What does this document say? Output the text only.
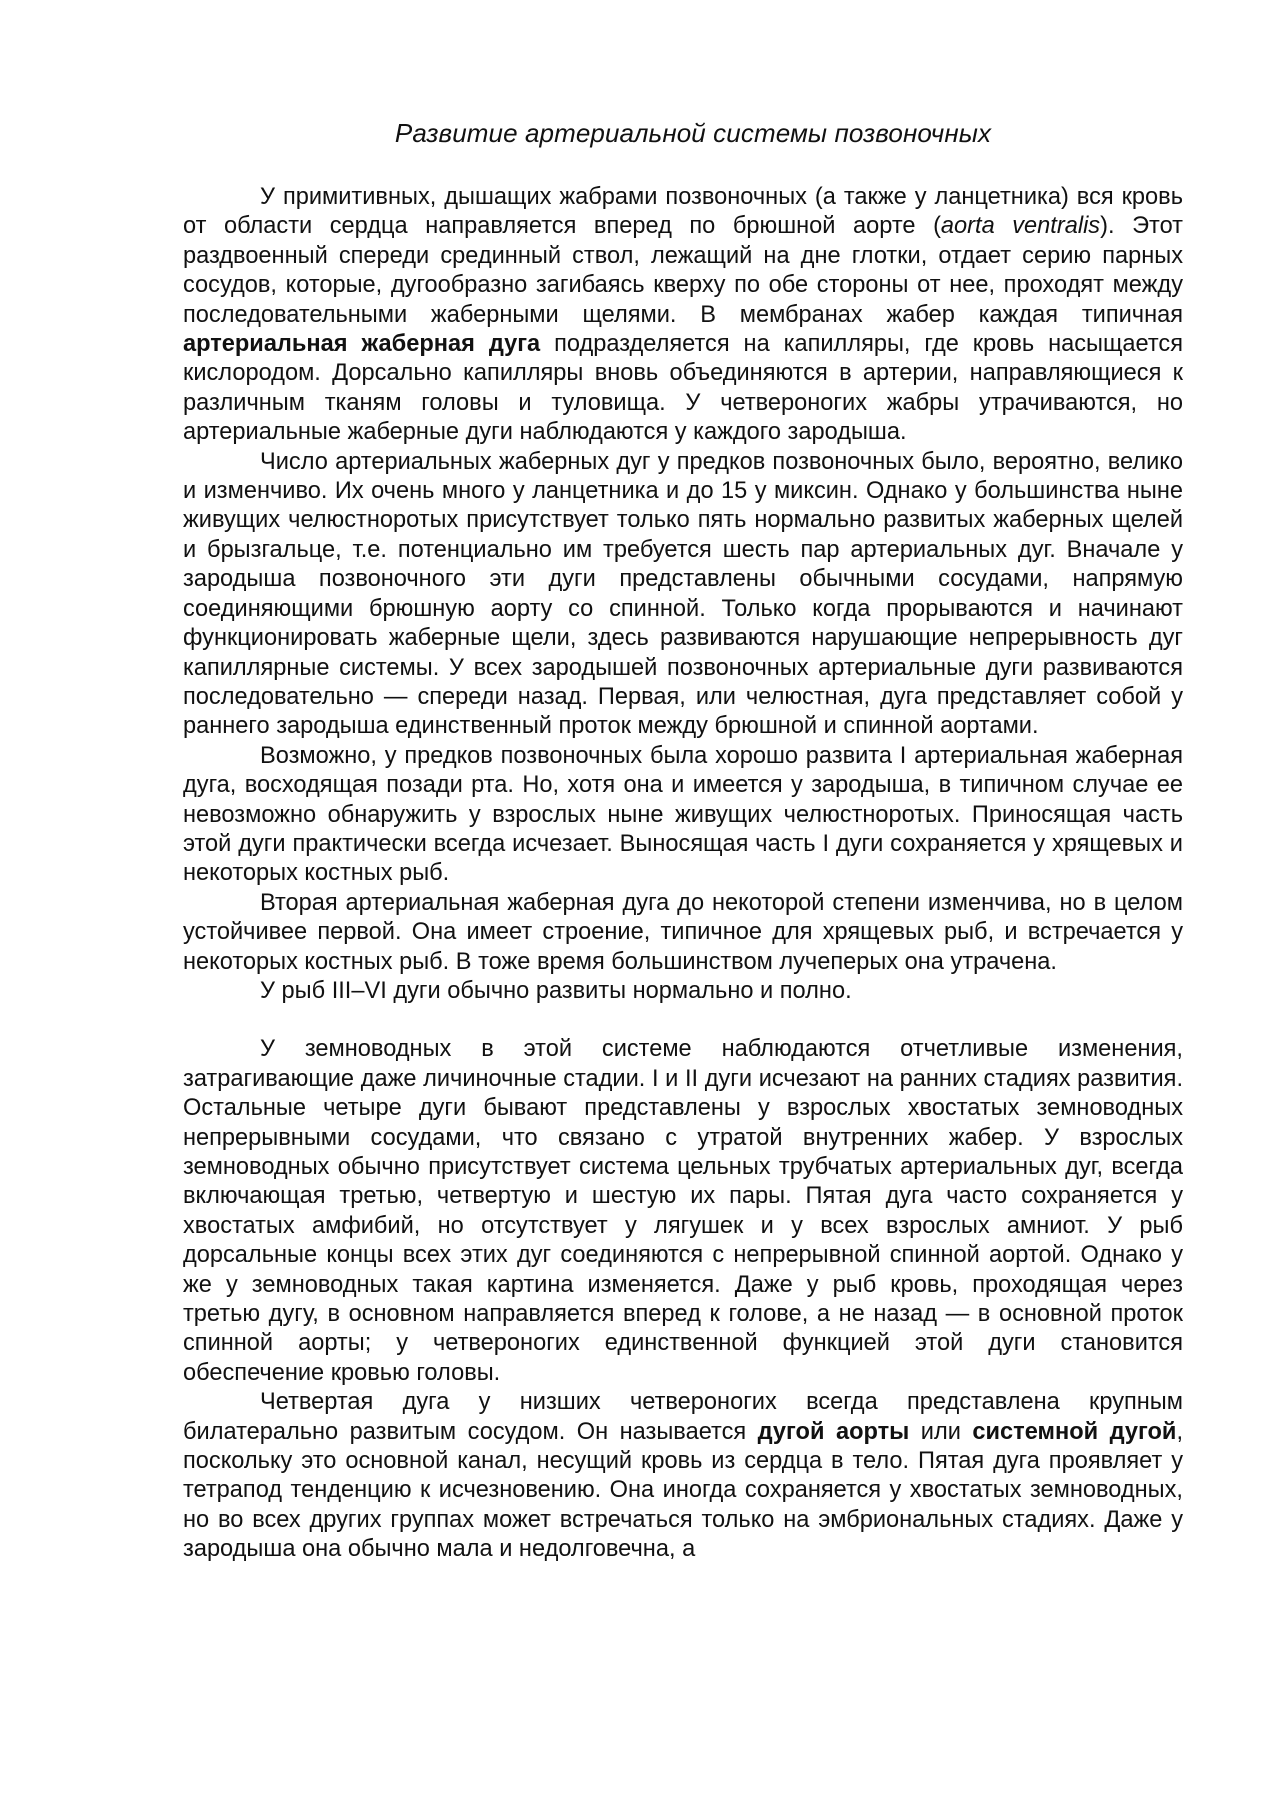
Развитие артериальной системы позвоночных

У примитивных, дышащих жабрами позвоночных (а также у ланцетника) вся кровь от области сердца направляется вперед по брюшной аорте (aorta ventralis). Этот раздвоенный спереди срединный ствол, лежащий на дне глотки, отдает серию парных сосудов, которые, дугообразно загибаясь кверху по обе стороны от нее, проходят между последовательными жаберными щелями. В мембранах жабер каждая типичная артериальная жаберная дуга подразделяется на капилляры, где кровь насыщается кислородом. Дорсально капилляры вновь объединяются в артерии, направляющиеся к различным тканям головы и туловища. У четвероногих жабры утрачиваются, но артериальные жаберные дуги наблюдаются у каждого зародыша.

Число артериальных жаберных дуг у предков позвоночных было, вероятно, велико и изменчиво. Их очень много у ланцетника и до 15 у миксин. Однако у большинства ныне живущих челюстноротых присутствует только пять нормально развитых жаберных щелей и брызгальце, т.е. потенциально им требуется шесть пар артериальных дуг. Вначале у зародыша позвоночного эти дуги представлены обычными сосудами, напрямую соединяющими брюшную аорту со спинной. Только когда прорываются и начинают функционировать жаберные щели, здесь развиваются нарушающие непрерывность дуг капиллярные системы. У всех зародышей позвоночных артериальные дуги развиваются последовательно — спереди назад. Первая, или челюстная, дуга представляет собой у раннего зародыша единственный проток между брюшной и спинной аортами.

Возможно, у предков позвоночных была хорошо развита I артериальная жаберная дуга, восходящая позади рта. Но, хотя она и имеется у зародыша, в типичном случае ее невозможно обнаружить у взрослых ныне живущих челюстноротых. Приносящая часть этой дуги практически всегда исчезает. Выносящая часть I дуги сохраняется у хрящевых и некоторых костных рыб.

Вторая артериальная жаберная дуга до некоторой степени изменчива, но в целом устойчивее первой. Она имеет строение, типичное для хрящевых рыб, и встречается у некоторых костных рыб. В тоже время большинством лучеперых она утрачена.

У рыб III–VI дуги обычно развиты нормально и полно.

У земноводных в этой системе наблюдаются отчетливые изменения, затрагивающие даже личиночные стадии. I и II дуги исчезают на ранних стадиях развития. Остальные четыре дуги бывают представлены у взрослых хвостатых земноводных непрерывными сосудами, что связано с утратой внутренних жабер. У взрослых земноводных обычно присутствует система цельных трубчатых артериальных дуг, всегда включающая третью, четвертую и шестую их пары. Пятая дуга часто сохраняется у хвостатых амфибий, но отсутствует у лягушек и у всех взрослых амниот. У рыб дорсальные концы всех этих дуг соединяются с непрерывной спинной аортой. Однако у же у земноводных такая картина изменяется. Даже у рыб кровь, проходящая через третью дугу, в основном направляется вперед к голове, а не назад — в основной проток спинной аорты; у четвероногих единственной функцией этой дуги становится обеспечение кровью головы.

Четвертая дуга у низших четвероногих всегда представлена крупным билатерально развитым сосудом. Он называется дугой аорты или системной дугой, поскольку это основной канал, несущий кровь из сердца в тело. Пятая дуга проявляет у тетрапод тенденцию к исчезновению. Она иногда сохраняется у хвостатых земноводных, но во всех других группах может встречаться только на эмбриональных стадиях. Даже у зародыша она обычно мала и недолговечна, а
